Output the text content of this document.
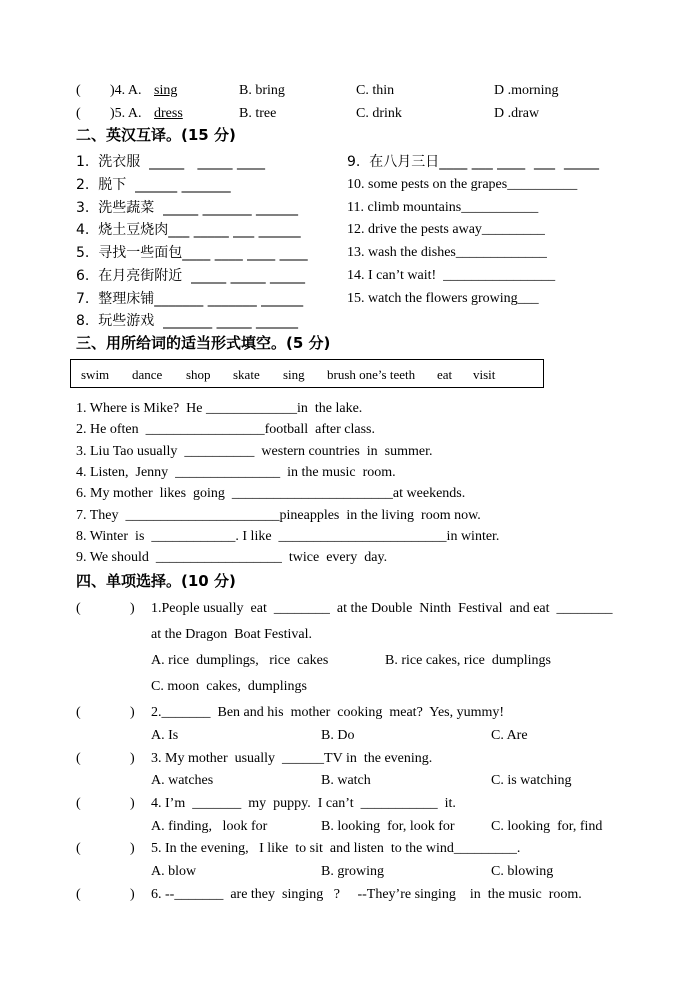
( )4. A. sing	B. bring	C. thin	D .morning
( )5. A. dress	B. tree	C. drink	D .draw
二、英汉互译。(15 分)
1.  洗衣服  _____   _____ ____
2.  脱下  ______ _______
3.  洗些蔬菜  _____ _______ ______
4.  烧土豆烧肉___ _____ ___ ______
5.  寻找一些面包____ ____ ____ ____
6.  在月亮街附近  _____ _____ _____
7.  整理床铺_______ _______ ______
8.  玩些游戏  _______ _____ ______
9.  在八月三日____ ___ ____  ___  _____
10. some pests on the grapes__________
11. climb mountains___________
12. drive the pests away_________
13. wash the dishes_____________
14. I can’t wait!  ________________
15. watch the flowers growing___
三、用所给词的适当形式填空。(5 分)
swim dance shop skate sing brush one’s teeth eat visit
1. Where is Mike?  He _____________in  the lake.
2. He often  _________________football  after class.
3. Liu Tao usually  __________  western countries  in  summer.
4. Listen,  Jenny  _______________  in the music  room.
6. My mother  likes  going  _______________________at weekends.
7. They  ______________________pineapples  in the living  room now.
8. Winter  is  ____________. I like  ________________________in winter.
9. We should  __________________  twice  every  day.
四、单项选择。(10 分)
(	) 1.People usually  eat  ________  at the Double  Ninth  Festival  and eat  ________
at the Dragon  Boat Festival.
A. rice  dumplings,   rice  cakes	B. rice cakes, rice  dumplings
C. moon  cakes,  dumplings
(	) 2._______  Ben and his  mother  cooking  meat?  Yes, yummy!
A. Is	B. Do	C. Are
(	) 3. My mother  usually  ______TV in  the evening.
A. watches	B. watch	C. is watching
(	) 4. I’m  _______  my  puppy.  I can’t  ___________  it.
A. finding,   look for	B. looking  for, look for	C. looking  for, find
(	) 5. In the evening,   I like  to sit  and listen  to the wind_________.
A. blow	B. growing	C. blowing
(	) 6. --_______  are they  singing   ?     --They’re singing    in  the music  room.
